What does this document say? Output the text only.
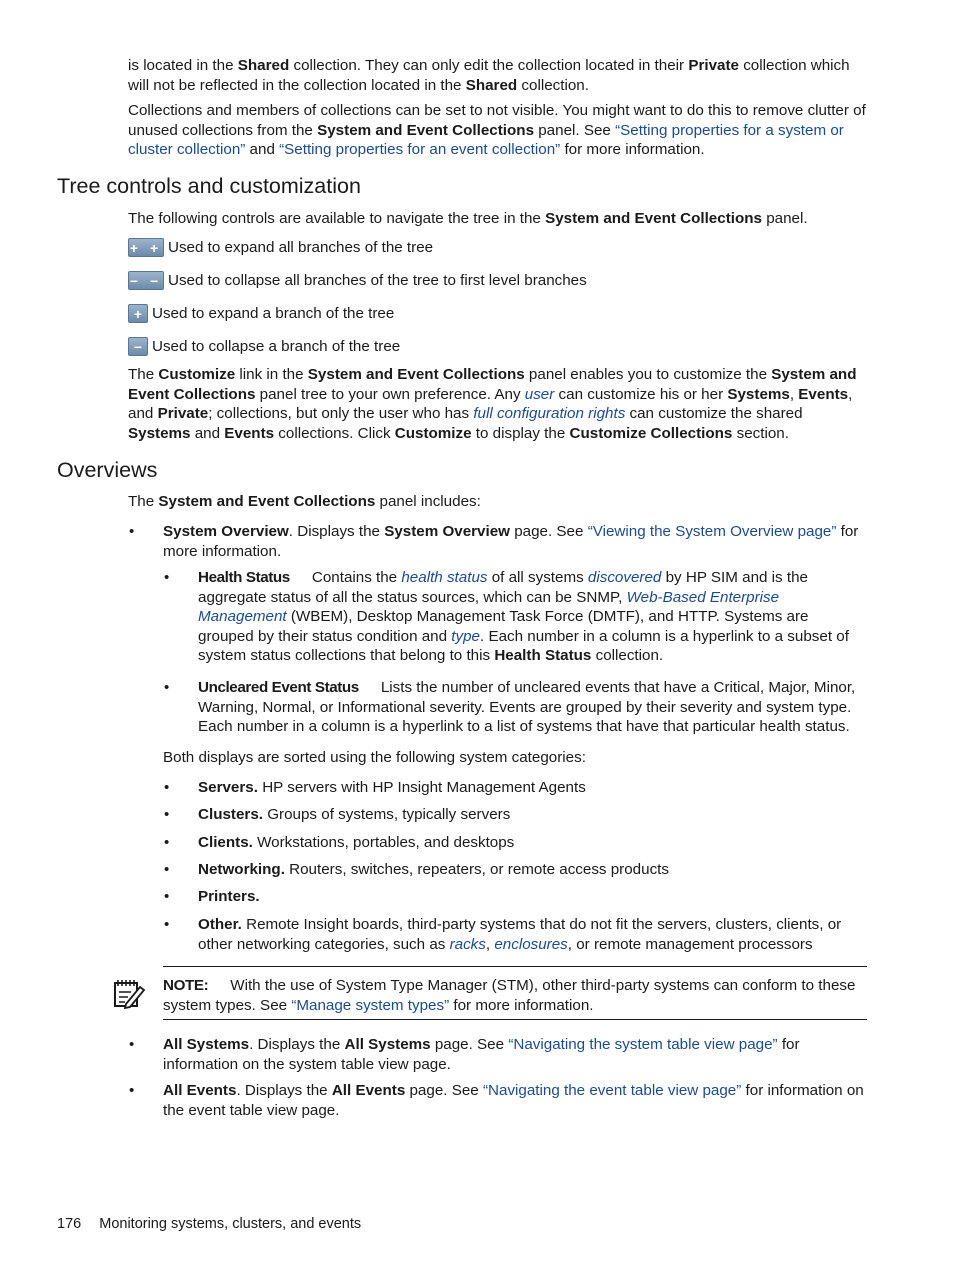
is located in the Shared collection. They can only edit the collection located in their Private collection which will not be reflected in the collection located in the Shared collection.

Collections and members of collections can be set to not visible. You might want to do this to remove clutter of unused collections from the System and Event Collections panel. See “Setting properties for a system or cluster collection” and “Setting properties for an event collection” for more information.

Tree controls and customization

The following controls are available to navigate the tree in the System and Event Collections panel.

+ + Used to expand all branches of the tree
− − Used to collapse all branches of the tree to first level branches
+ Used to expand a branch of the tree
− Used to collapse a branch of the tree

The Customize link in the System and Event Collections panel enables you to customize the System and Event Collections panel tree to your own preference. Any user can customize his or her Systems, Events, and Private; collections, but only the user who has full configuration rights can customize the shared Systems and Events collections. Click Customize to display the Customize Collections section.

Overviews

The System and Event Collections panel includes:

• System Overview. Displays the System Overview page. See “Viewing the System Overview page” for more information.

• Health Status Contains the health status of all systems discovered by HP SIM and is the aggregate status of all the status sources, which can be SNMP, Web-Based Enterprise Management (WBEM), Desktop Management Task Force (DMTF), and HTTP. Systems are grouped by their status condition and type. Each number in a column is a hyperlink to a subset of system status collections that belong to this Health Status collection.

• Uncleared Event Status Lists the number of uncleared events that have a Critical, Major, Minor, Warning, Normal, or Informational severity. Events are grouped by their severity and system type. Each number in a column is a hyperlink to a list of systems that have that particular health status.

Both displays are sorted using the following system categories:

• Servers. HP servers with HP Insight Management Agents

• Clusters. Groups of systems, typically servers

• Clients. Workstations, portables, and desktops

• Networking. Routers, switches, repeaters, or remote access products

• Printers.

• Other. Remote Insight boards, third-party systems that do not fit the servers, clusters, clients, or other networking categories, such as racks, enclosures, or remote management processors

NOTE: With the use of System Type Manager (STM), other third-party systems can conform to these system types. See “Manage system types” for more information.

• All Systems. Displays the All Systems page. See “Navigating the system table view page” for information on the system table view page.

• All Events. Displays the All Events page. See “Navigating the event table view page” for information on the event table view page.

176 Monitoring systems, clusters, and events
